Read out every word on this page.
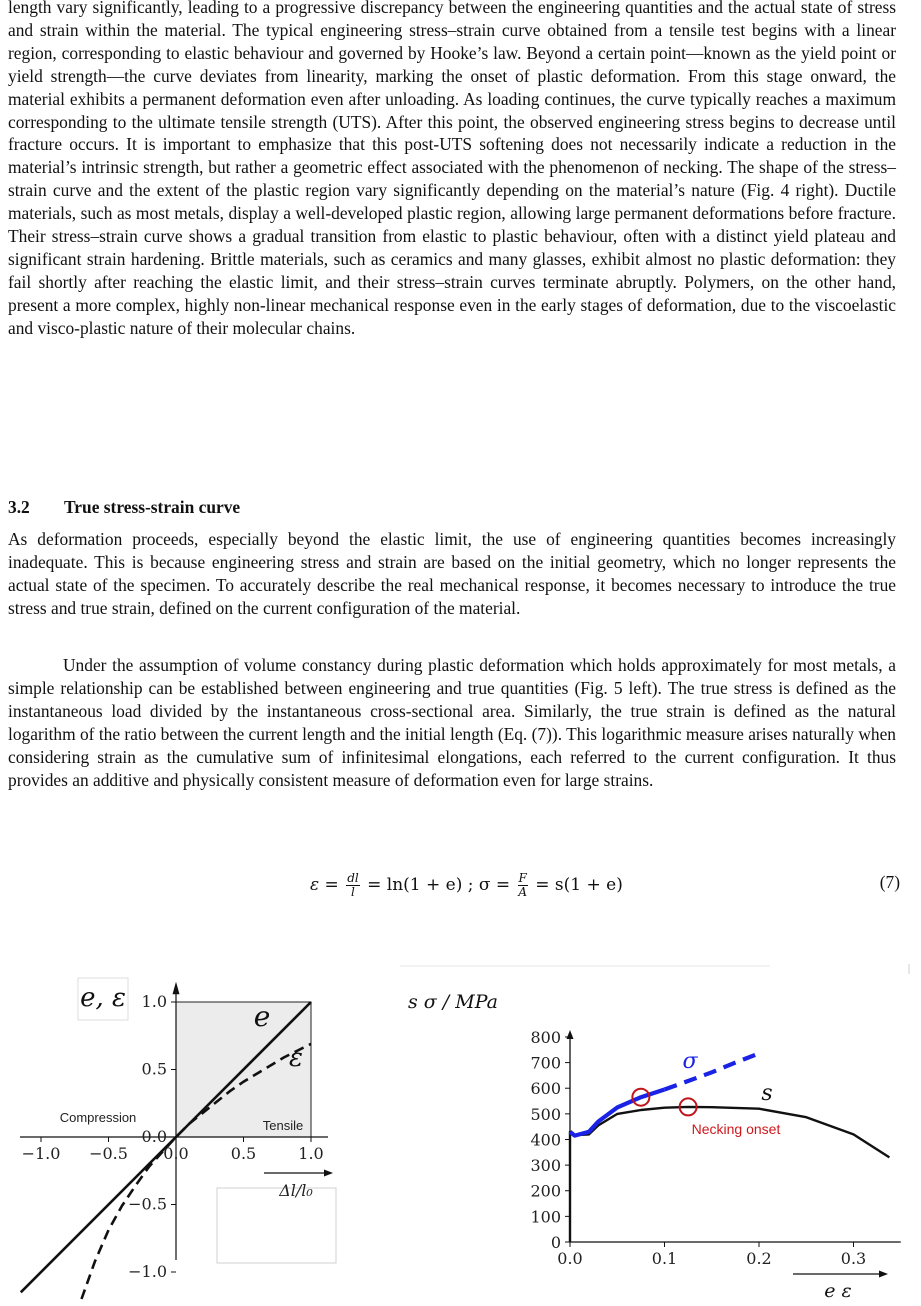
length vary significantly, leading to a progressive discrepancy between the engineering quantities and the actual state of stress and strain within the material. The typical engineering stress–strain curve obtained from a tensile test begins with a linear region, corresponding to elastic behaviour and governed by Hooke’s law. Beyond a certain point—known as the yield point or yield strength—the curve deviates from linearity, marking the onset of plastic deformation. From this stage onward, the material exhibits a permanent deformation even after unloading. As loading continues, the curve typically reaches a maximum corresponding to the ultimate tensile strength (UTS). After this point, the observed engineering stress begins to decrease until fracture occurs. It is important to emphasize that this post-UTS softening does not necessarily indicate a reduction in the material’s intrinsic strength, but rather a geometric effect associated with the phenomenon of necking. The shape of the stress–strain curve and the extent of the plastic region vary significantly depending on the material’s nature (Fig. 4 right). Ductile materials, such as most metals, display a well-developed plastic region, allowing large permanent deformations before fracture. Their stress–strain curve shows a gradual transition from elastic to plastic behaviour, often with a distinct yield plateau and significant strain hardening. Brittle materials, such as ceramics and many glasses, exhibit almost no plastic deformation: they fail shortly after reaching the elastic limit, and their stress–strain curves terminate abruptly. Polymers, on the other hand, present a more complex, highly non-linear mechanical response even in the early stages of deformation, due to the viscoelastic and visco-plastic nature of their molecular chains.

3.2 True stress-strain curve

As deformation proceeds, especially beyond the elastic limit, the use of engineering quantities becomes increasingly inadequate. This is because engineering stress and strain are based on the initial geometry, which no longer represents the actual state of the specimen. To accurately describe the real mechanical response, it becomes necessary to introduce the true stress and true strain, defined on the current configuration of the material.

Under the assumption of volume constancy during plastic deformation which holds approximately for most metals, a simple relationship can be established between engineering and true quantities (Fig. 5 left). The true stress is defined as the instantaneous load divided by the instantaneous cross-sectional area. Similarly, the true strain is defined as the natural logarithm of the ratio between the current length and the initial length (Eq. (7)). This logarithmic measure arises naturally when considering strain as the cumulative sum of infinitesimal elongations, each referred to the current configuration. It thus provides an additive and physically consistent measure of deformation even for large strains.

$\varepsilon = \frac{dl}{l} = \ln(1 + e)$ ; $\sigma = \frac{F}{A} = s(1 + e)$	(7)
−1.0 −0.5 0.0	0.5	1.0
1.0
0.5
0.0
−0.5
−1.0
e, ε
Δl/l₀
Compression
Tensile
e
ε
0
100
200
300
400
500
600
700
800
0.0	0.1	0.2	0.3
s σ / MPa
e ε
σ
s
Necking onset
